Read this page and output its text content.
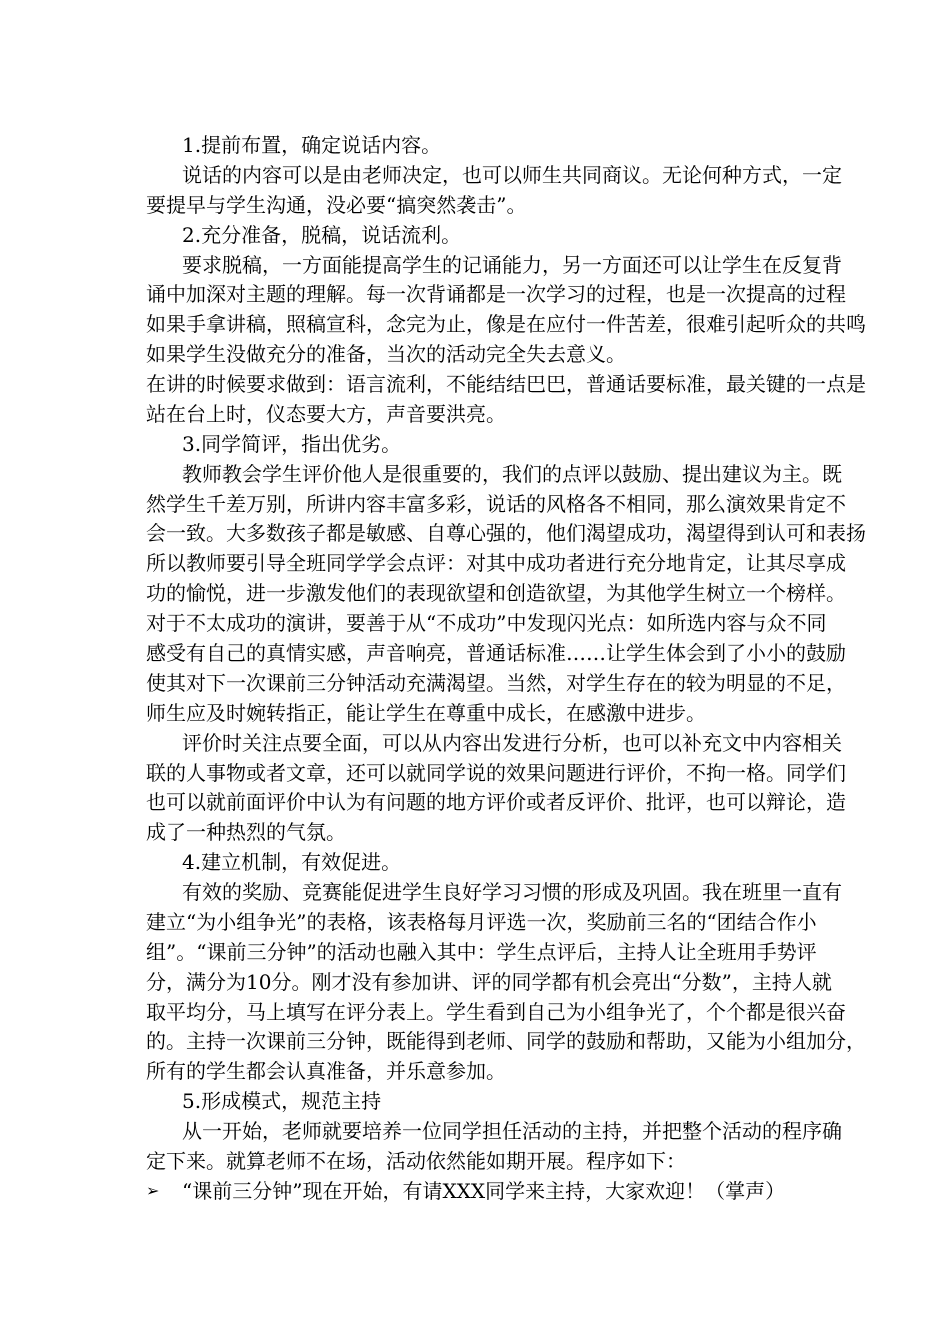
1.提前布置，确定说话内容。
说话的内容可以是由老师决定，也可以师生共同商议。无论何种方式，一定
要提早与学生沟通，没必要“搞突然袭击”。
2.充分准备，脱稿，说话流利。
要求脱稿，一方面能提高学生的记诵能力，另一方面还可以让学生在反复背
诵中加深对主题的理解。每一次背诵都是一次学习的过程，也是一次提高的过程
如果手拿讲稿，照稿宣科，念完为止，像是在应付一件苦差，很难引起听众的共鸣
如果学生没做充分的准备，当次的活动完全失去意义。
在讲的时候要求做到：语言流利，不能结结巴巴，普通话要标准，最关键的一点是
站在台上时，仪态要大方，声音要洪亮。
3.同学简评，指出优劣。
教师教会学生评价他人是很重要的，我们的点评以鼓励、提出建议为主。既
然学生千差万别，所讲内容丰富多彩，说话的风格各不相同，那么演效果肯定不
会一致。大多数孩子都是敏感、自尊心强的，他们渴望成功，渴望得到认可和表扬
所以教师要引导全班同学学会点评：对其中成功者进行充分地肯定，让其尽享成
功的愉悦，进一步激发他们的表现欲望和创造欲望，为其他学生树立一个榜样。
对于不太成功的演讲，要善于从“不成功”中发现闪光点：如所选内容与众不同
感受有自己的真情实感，声音响亮，普通话标准……让学生体会到了小小的鼓励
使其对下一次课前三分钟活动充满渴望。当然，对学生存在的较为明显的不足，
师生应及时婉转指正，能让学生在尊重中成长，在感激中进步。
评价时关注点要全面，可以从内容出发进行分析，也可以补充文中内容相关
联的人事物或者文章，还可以就同学说的效果问题进行评价，不拘一格。同学们
也可以就前面评价中认为有问题的地方评价或者反评价、批评，也可以辩论，造
成了一种热烈的气氛。
4.建立机制，有效促进。
有效的奖励、竞赛能促进学生良好学习习惯的形成及巩固。我在班里一直有
建立“为小组争光”的表格，该表格每月评选一次，奖励前三名的“团结合作小
组”。“课前三分钟”的活动也融入其中：学生点评后，主持人让全班用手势评
分，满分为10分。刚才没有参加讲、评的同学都有机会亮出“分数”，主持人就
取平均分，马上填写在评分表上。学生看到自己为小组争光了，个个都是很兴奋
的。主持一次课前三分钟，既能得到老师、同学的鼓励和帮助，又能为小组加分，
所有的学生都会认真准备，并乐意参加。
5.形成模式，规范主持
从一开始，老师就要培养一位同学担任活动的主持，并把整个活动的程序确
定下来。就算老师不在场，活动依然能如期开展。程序如下：
➢ “课前三分钟”现在开始，有请XXX同学来主持，大家欢迎！（掌声）
